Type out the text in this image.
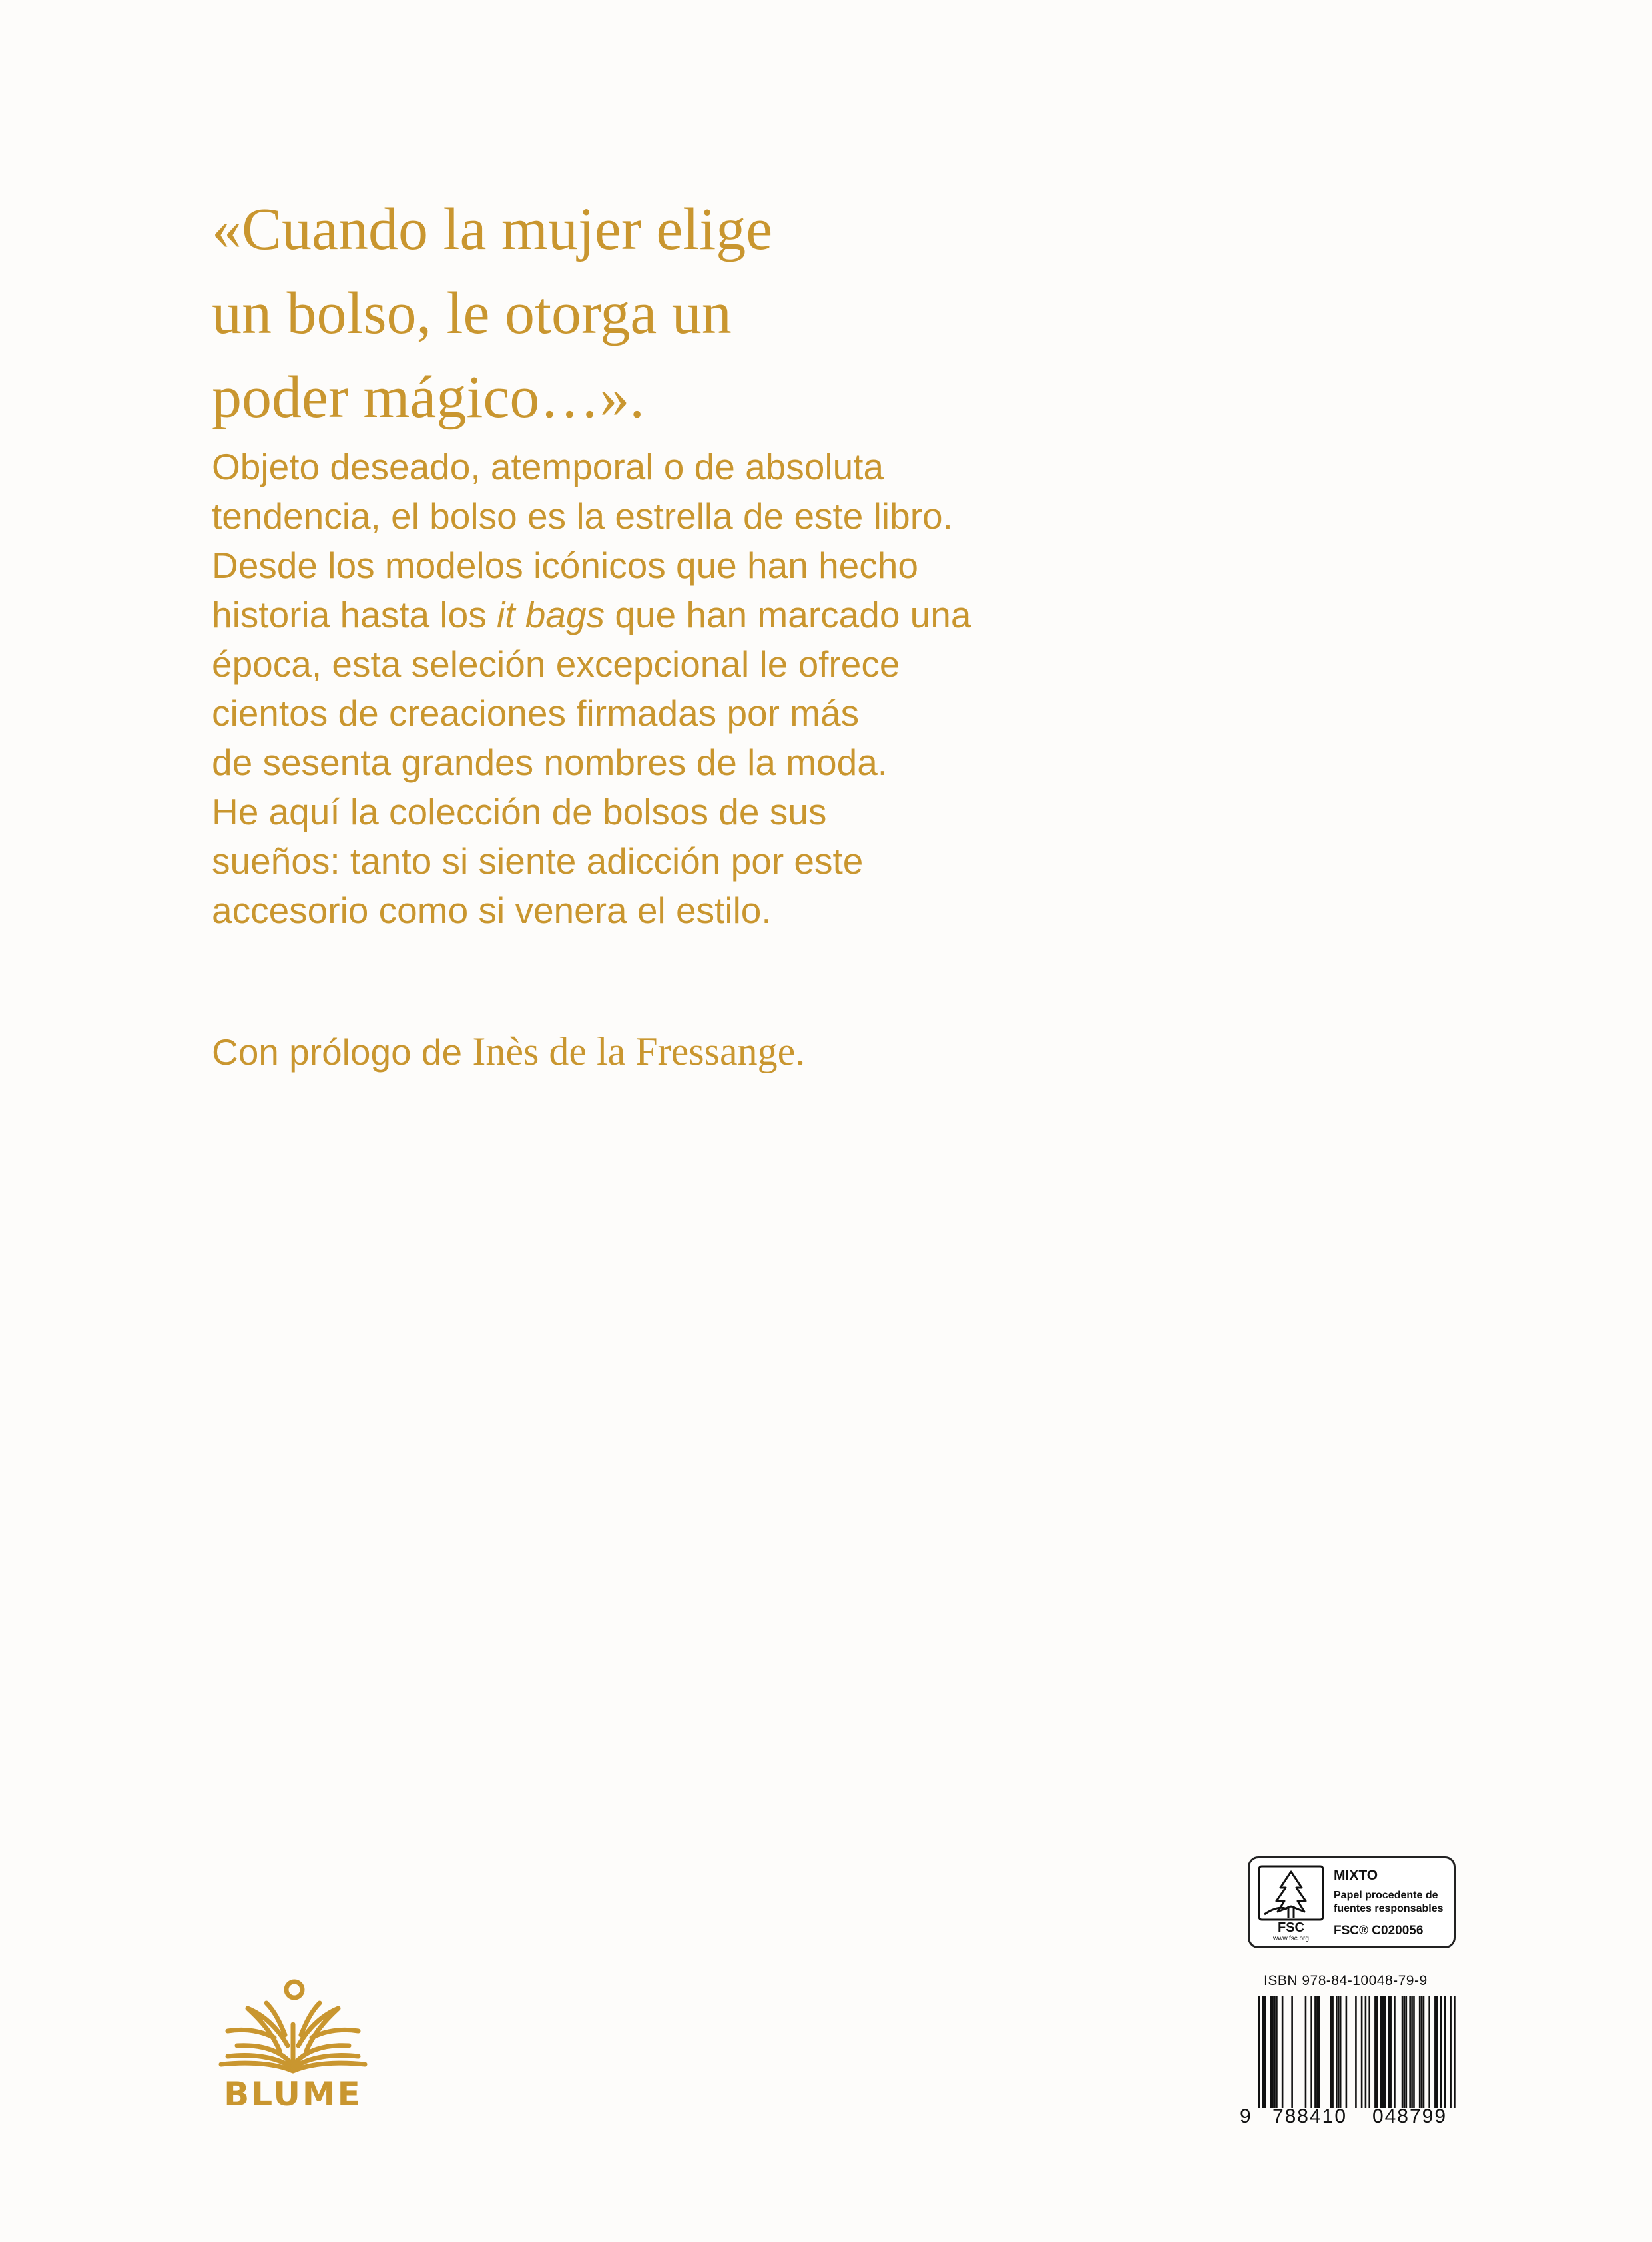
«Cuando la mujer elige
un bolso, le otorga un
poder mágico…».

Objeto deseado, atemporal o de absoluta
tendencia, el bolso es la estrella de este libro.
Desde los modelos icónicos que han hecho
historia hasta los it bags que han marcado una
época, esta seleción excepcional le ofrece
cientos de creaciones firmadas por más
de sesenta grandes nombres de la moda.
He aquí la colección de bolsos de sus
sueños: tanto si siente adicción por este
accesorio como si venera el estilo.

Con prólogo de Inès de la Fressange.

FSC
www.fsc.org
MIXTO
Papel procedente de fuentes responsables
FSC® C020056
ISBN 978-84-10048-79-9
9	788410	048799
BLUME
